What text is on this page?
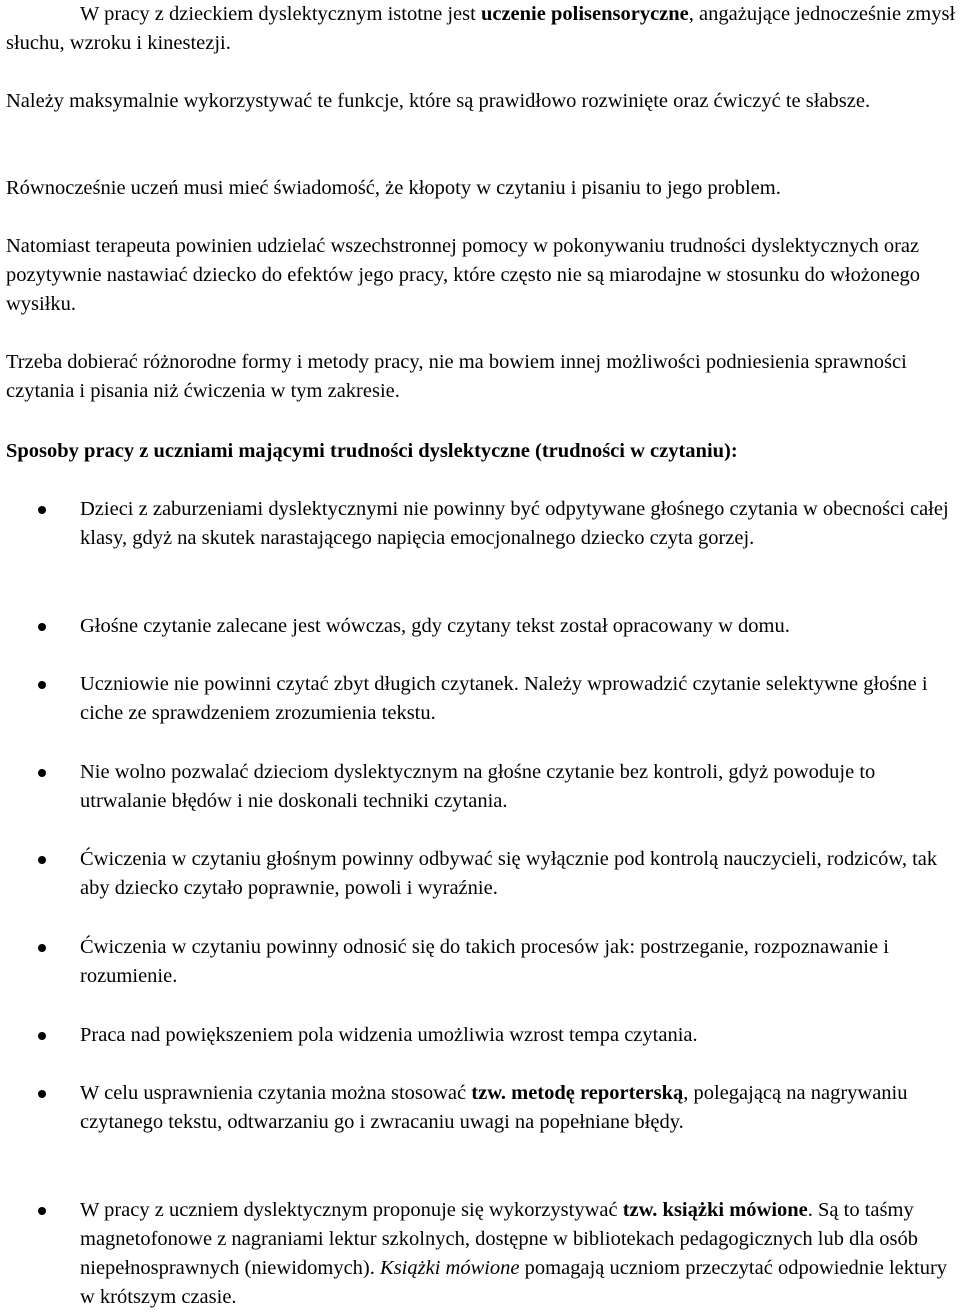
W pracy z dzieckiem dyslektycznym istotne jest uczenie polisensoryczne, angażujące jednocześnie zmysł słuchu, wzroku i kinestezji.

Należy maksymalnie wykorzystywać te funkcje, które są prawidłowo rozwinięte oraz ćwiczyć te słabsze.

Równocześnie uczeń musi mieć świadomość, że kłopoty w czytaniu i pisaniu to jego problem.

Natomiast terapeuta powinien udzielać wszechstronnej pomocy w pokonywaniu trudności dyslektycznych oraz pozytywnie nastawiać dziecko do efektów jego pracy, które często nie są miarodajne w stosunku do włożonego wysiłku.

Trzeba dobierać różnorodne formy i metody pracy, nie ma bowiem innej możliwości podniesienia sprawności czytania i pisania niż ćwiczenia w tym zakresie.

Sposoby pracy z uczniami mającymi trudności dyslektyczne (trudności w czytaniu):

Dzieci z zaburzeniami dyslektycznymi nie powinny być odpytywane głośnego czytania w obecności całej klasy, gdyż na skutek narastającego napięcia emocjonalnego dziecko czyta gorzej.

Głośne czytanie zalecane jest wówczas, gdy czytany tekst został opracowany w domu.

Uczniowie nie powinni czytać zbyt długich czytanek. Należy wprowadzić czytanie selektywne głośne i ciche ze sprawdzeniem zrozumienia tekstu.

Nie wolno pozwalać dzieciom dyslektycznym na głośne czytanie bez kontroli, gdyż powoduje to utrwalanie błędów i nie doskonali techniki czytania.

Ćwiczenia w czytaniu głośnym powinny odbywać się wyłącznie pod kontrolą nauczycieli, rodziców, tak aby dziecko czytało poprawnie, powoli i wyraźnie.

Ćwiczenia w czytaniu powinny odnosić się do takich procesów jak: postrzeganie, rozpoznawanie i rozumienie.

Praca nad powiększeniem pola widzenia umożliwia wzrost tempa czytania.

W celu usprawnienia czytania można stosować tzw. metodę reporterską, polegającą na nagrywaniu czytanego tekstu, odtwarzaniu go i zwracaniu uwagi na popełniane błędy.

W pracy z uczniem dyslektycznym proponuje się wykorzystywać tzw. książki mówione. Są to taśmy magnetofonowe z nagraniami lektur szkolnych, dostępne w bibliotekach pedagogicznych lub dla osób niepełnosprawnych (niewidomych). Książki mówione pomagają uczniom przeczytać odpowiednie lektury w krótszym czasie.
